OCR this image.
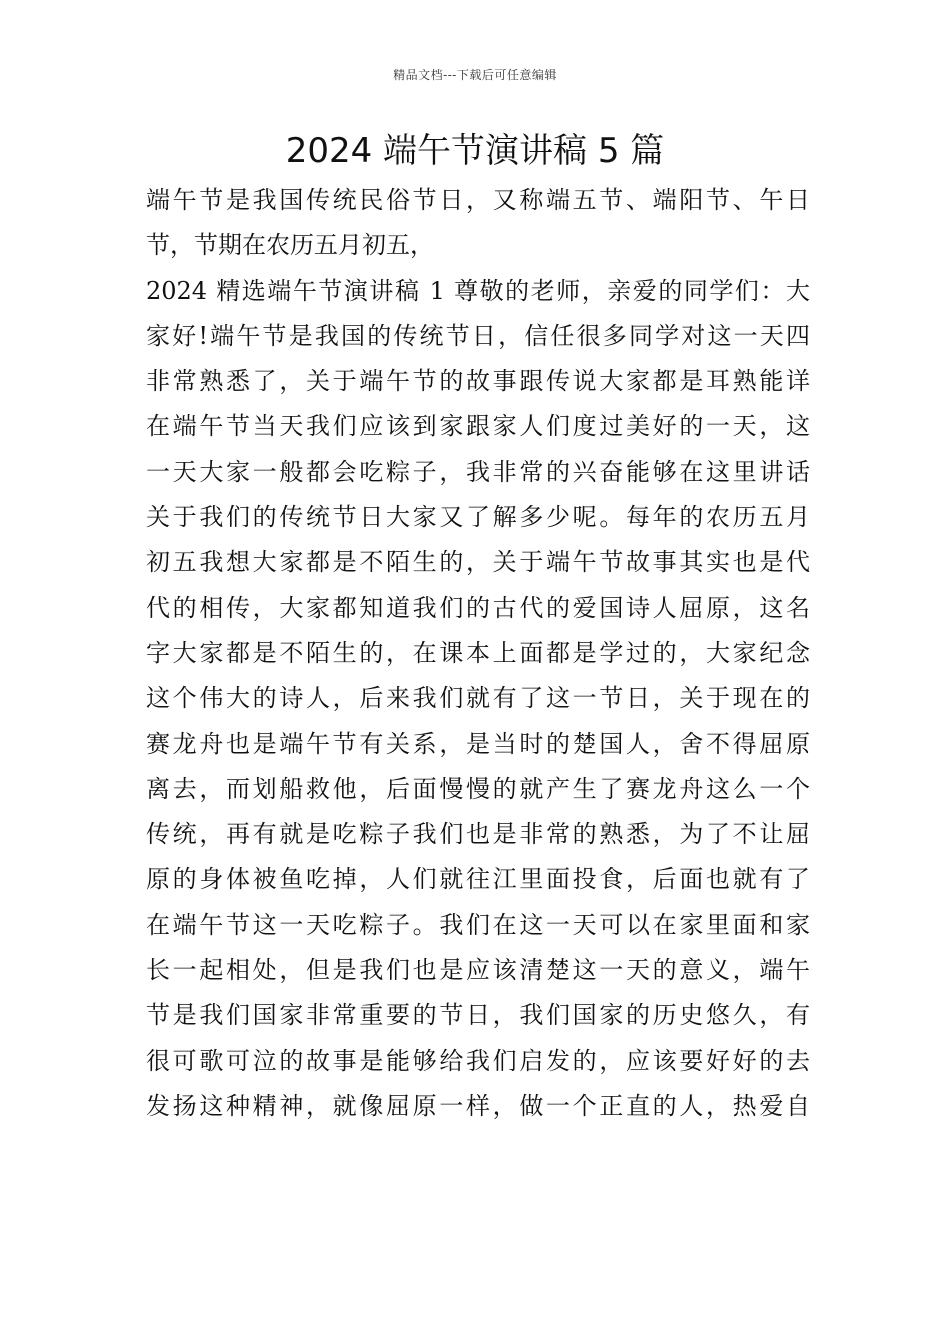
精品文档---下载后可任意编辑
2024 端午节演讲稿 5 篇
端午节是我国传统民俗节日，又称端五节、端阳节、午日
节，节期在农历五月初五，
2024 精选端午节演讲稿 1 尊敬的老师，亲爱的同学们：大
家好!端午节是我国的传统节日，信任很多同学对这一天四
非常熟悉了，关于端午节的故事跟传说大家都是耳熟能详
在端午节当天我们应该到家跟家人们度过美好的一天，这
一天大家一般都会吃粽子，我非常的兴奋能够在这里讲话
关于我们的传统节日大家又了解多少呢。每年的农历五月
初五我想大家都是不陌生的，关于端午节故事其实也是代
代的相传，大家都知道我们的古代的爱国诗人屈原，这名
字大家都是不陌生的，在课本上面都是学过的，大家纪念
这个伟大的诗人，后来我们就有了这一节日，关于现在的
赛龙舟也是端午节有关系，是当时的楚国人，舍不得屈原
离去，而划船救他，后面慢慢的就产生了赛龙舟这么一个
传统，再有就是吃粽子我们也是非常的熟悉，为了不让屈
原的身体被鱼吃掉，人们就往江里面投食，后面也就有了
在端午节这一天吃粽子。我们在这一天可以在家里面和家
长一起相处，但是我们也是应该清楚这一天的意义，端午
节是我们国家非常重要的节日，我们国家的历史悠久，有
很可歌可泣的故事是能够给我们启发的，应该要好好的去
发扬这种精神，就像屈原一样，做一个正直的人，热爱自
